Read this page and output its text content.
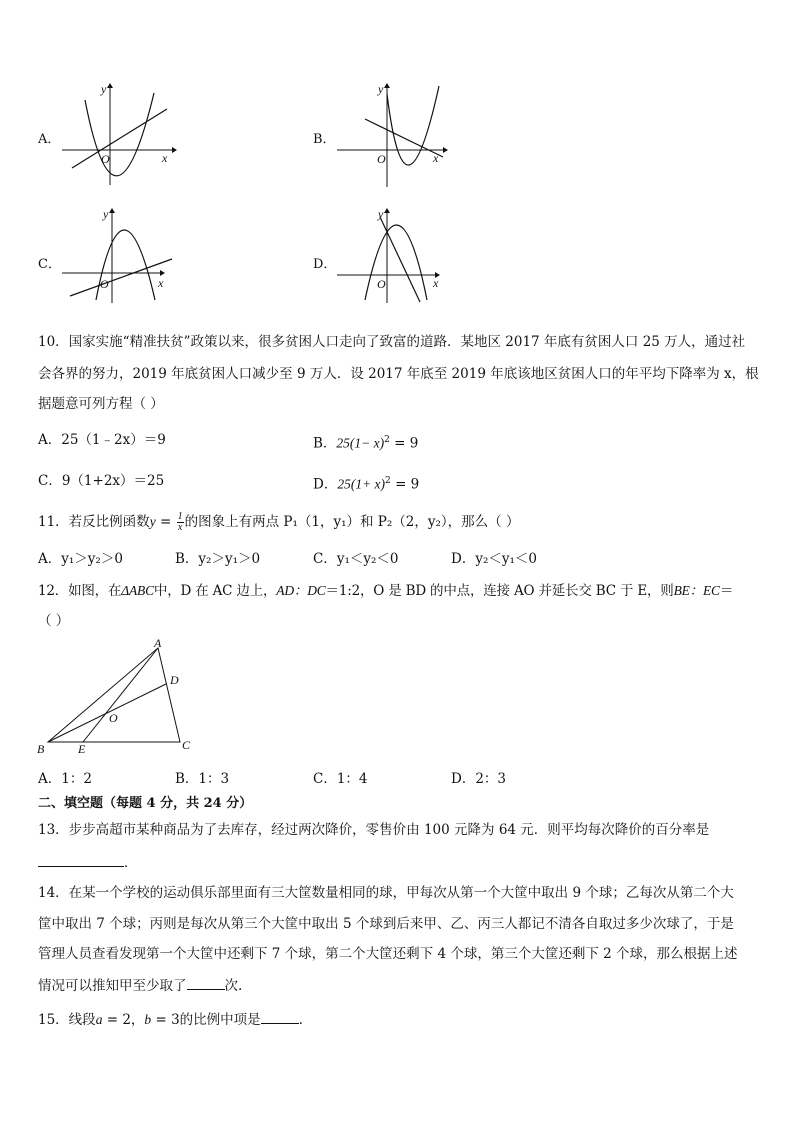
A．
y
x
O
B．
y
x
O
C．
y
x
O
D．
y
x
O
10．国家实施“精准扶贫”政策以来，很多贫困人口走向了致富的道路．某地区 2017 年底有贫困人口 25 万人，通过社
会各界的努力，2019 年底贫困人口减少至 9 万人．设 2017 年底至 2019 年底该地区贫困人口的年平均下降率为 x，根
据题意可列方程（ ）
A．25（1﹣2x）＝9	B．$25(1- x)^2 = 9$
C．9（1+2x）＝25	D．$25(1+ x)^2 = 9$
11．若反比例函数$y = \frac{1}{x}$ 的图象上有两点 P₁（1，y₁）和 P₂（2，y₂），那么（ ）
A．y₁＞y₂＞0	B．y₂＞y₁＞0	C．y₁＜y₂＜0	D．y₂＜y₁＜0
12．如图，在ΔABC中，D 在 AC 边上，AD：DC＝1:2，O 是 BD 的中点，连接 AO 并延长交 BC 于 E，则BE：EC＝
（ ）
A
D
O
B	E	C
A．1：2	B．1：3	C．1：4	D．2：3
二、填空题（每题 4 分，共 24 分）
13．步步高超市某种商品为了去库存，经过两次降价，零售价由 100 元降为 64 元．则平均每次降价的百分率是
．
14．在某一个学校的运动俱乐部里面有三大筐数量相同的球，甲每次从第一个大筐中取出 9 个球；乙每次从第二个大
筐中取出 7 个球；丙则是每次从第三个大筐中取出 5 个球到后来甲、乙、丙三人都记不清各自取过多少次球了，于是
管理人员查看发现第一个大筐中还剩下 7 个球，第二个大筐还剩下 4 个球，第三个大筐还剩下 2 个球，那么根据上述
情况可以推知甲至少取了	次.
15．线段a = 2，b = 3的比例中项是	.
